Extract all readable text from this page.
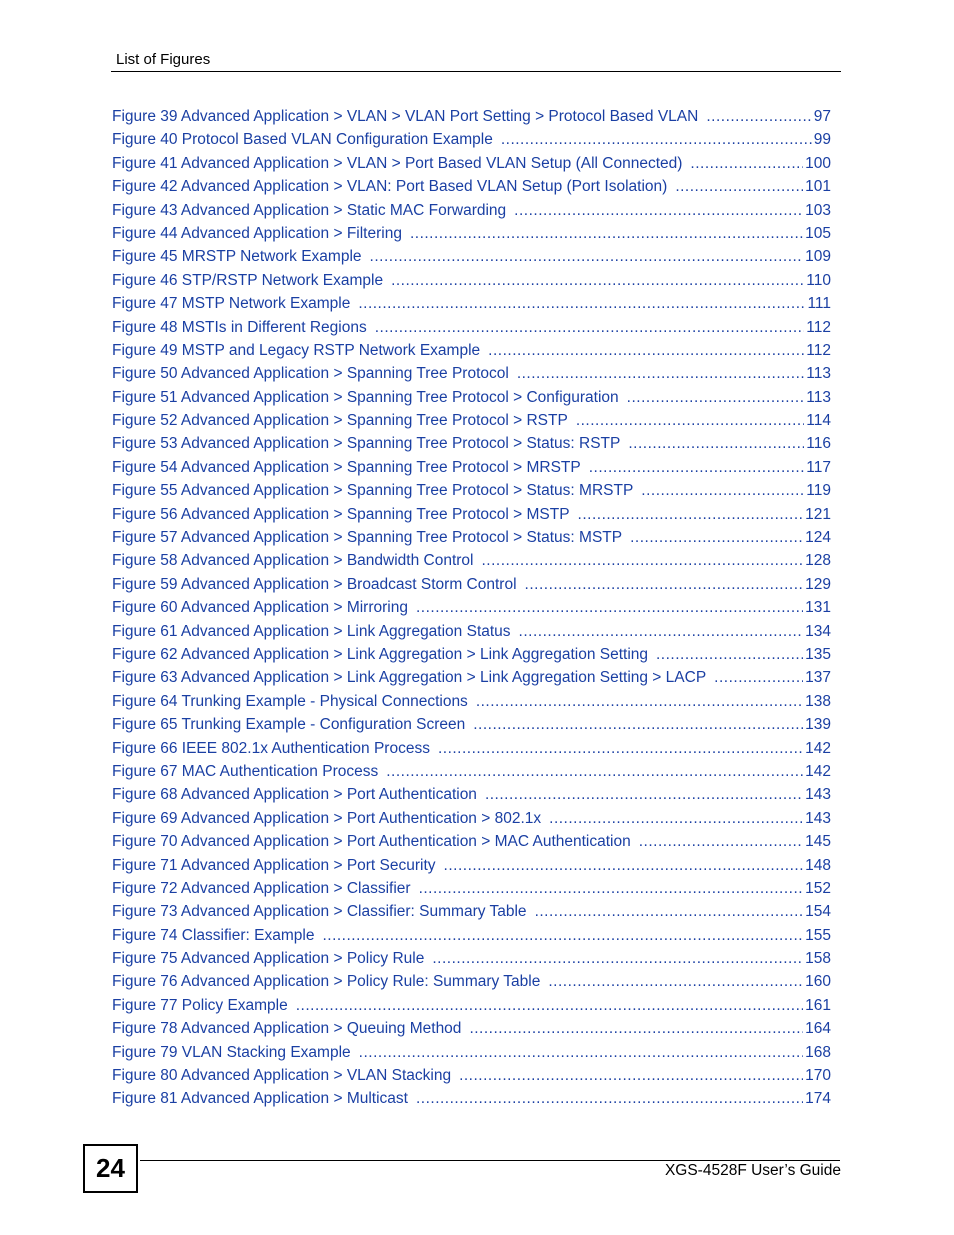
List of Figures
Figure 39 Advanced Application > VLAN > VLAN Port Setting > Protocol Based VLAN .....	97
Figure 40 Protocol Based VLAN Configuration Example .....	99
Figure 41 Advanced Application > VLAN > Port Based VLAN Setup (All Connected) .....	100
Figure 42 Advanced Application > VLAN: Port Based VLAN Setup (Port Isolation) .....	101
Figure 43 Advanced Application > Static MAC Forwarding .....	103
Figure 44 Advanced Application > Filtering .....	105
Figure 45 MRSTP Network Example .....	109
Figure 46 STP/RSTP Network Example .....	110
Figure 47 MSTP Network Example .....	111
Figure 48 MSTIs in Different Regions .....	112
Figure 49 MSTP and Legacy RSTP Network Example .....	112
Figure 50 Advanced Application > Spanning Tree Protocol .....	113
Figure 51 Advanced Application > Spanning Tree Protocol > Configuration .....	113
Figure 52 Advanced Application > Spanning Tree Protocol > RSTP .....	114
Figure 53 Advanced Application > Spanning Tree Protocol > Status: RSTP .....	116
Figure 54 Advanced Application > Spanning Tree Protocol > MRSTP .....	117
Figure 55 Advanced Application > Spanning Tree Protocol > Status: MRSTP .....	119
Figure 56 Advanced Application > Spanning Tree Protocol > MSTP .....	121
Figure 57 Advanced Application > Spanning Tree Protocol > Status: MSTP .....	124
Figure 58 Advanced Application > Bandwidth Control .....	128
Figure 59 Advanced Application > Broadcast Storm Control .....	129
Figure 60 Advanced Application > Mirroring .....	131
Figure 61 Advanced Application > Link Aggregation Status .....	134
Figure 62 Advanced Application > Link Aggregation > Link Aggregation Setting .....	135
Figure 63 Advanced Application > Link Aggregation > Link Aggregation Setting > LACP .....	137
Figure 64 Trunking Example - Physical Connections .....	138
Figure 65 Trunking Example - Configuration Screen .....	139
Figure 66 IEEE 802.1x Authentication Process .....	142
Figure 67 MAC Authentication Process .....	142
Figure 68 Advanced Application > Port Authentication .....	143
Figure 69 Advanced Application > Port Authentication > 802.1x .....	143
Figure 70 Advanced Application > Port Authentication > MAC Authentication .....	145
Figure 71 Advanced Application > Port Security .....	148
Figure 72 Advanced Application > Classifier .....	152
Figure 73 Advanced Application > Classifier: Summary Table .....	154
Figure 74 Classifier: Example .....	155
Figure 75 Advanced Application > Policy Rule .....	158
Figure 76 Advanced Application > Policy Rule: Summary Table .....	160
Figure 77 Policy Example .....	161
Figure 78 Advanced Application > Queuing Method .....	164
Figure 79 VLAN Stacking Example .....	168
Figure 80 Advanced Application > VLAN Stacking .....	170
Figure 81 Advanced Application > Multicast .....	174
24	XGS-4528F User’s Guide
